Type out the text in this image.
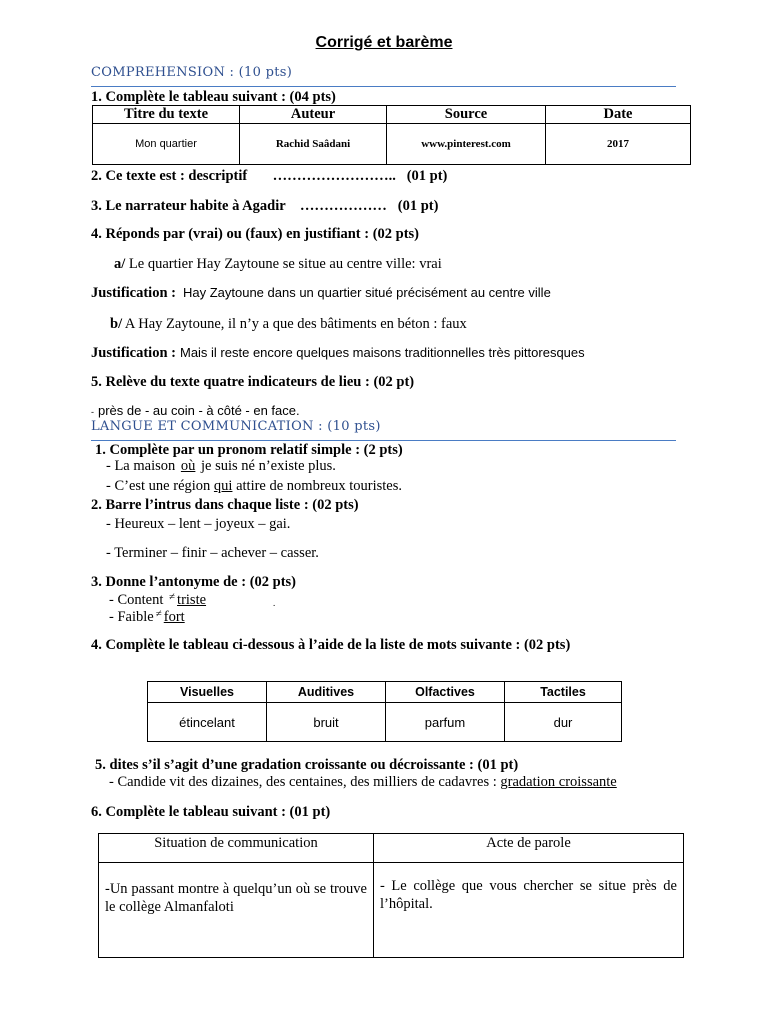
Corrigé et barème
COMPREHENSION : (10 pts)
1. Complète le tableau suivant : (04 pts)
Titre du texte	Auteur	Source	Date
Mon quartier	Rachid Saâdani	www.pinterest.com	2017
2. Ce texte est : descriptif       ……………………..   (01 pt)
3. Le narrateur habite à Agadir    ………………   (01 pt)
4. Réponds par (vrai) ou (faux) en justifiant : (02 pts)
a/ Le quartier Hay Zaytoune se situe au centre ville: vrai
Justification : Hay Zaytoune dans un quartier situé précisément au centre ville
b/ A Hay Zaytoune, il n’y a que des bâtiments en béton : faux
Justification : Mais il reste encore quelques maisons traditionnelles très pittoresques
5. Relève du texte quatre indicateurs de lieu : (02 pt)
- près de - au coin - à côté - en face.
LANGUE ET COMMUNICATION : (10 pts)
1. Complète par un pronom relatif simple : (2 pts)
- La maison où je suis né n’existe plus.
- C’est une région qui attire de nombreux touristes.
2. Barre l’intrus dans chaque liste : (02 pts)
- Heureux – lent – joyeux – gai.
- Terminer – finir – achever – casser.
3. Donne l’antonyme de : (02 pts)
- Content ≠ triste
- Faible ≠ fort
.
4. Complète le tableau ci-dessous à l’aide de la liste de mots suivante : (02 pts)
Visuelles	Auditives	Olfactives	Tactiles
étincelant	bruit	parfum	dur
5. dites s’il s’agit d’une gradation croissante ou décroissante : (01 pt)
- Candide vit des dizaines, des centaines, des milliers de cadavres : gradation croissante
6. Complète le tableau suivant : (01 pt)
Situation de communication	Acte de parole
-Un passant montre à quelqu’un où se trouve le collège Almanfaloti	- Le collège que vous chercher se situe près de l’hôpital.
